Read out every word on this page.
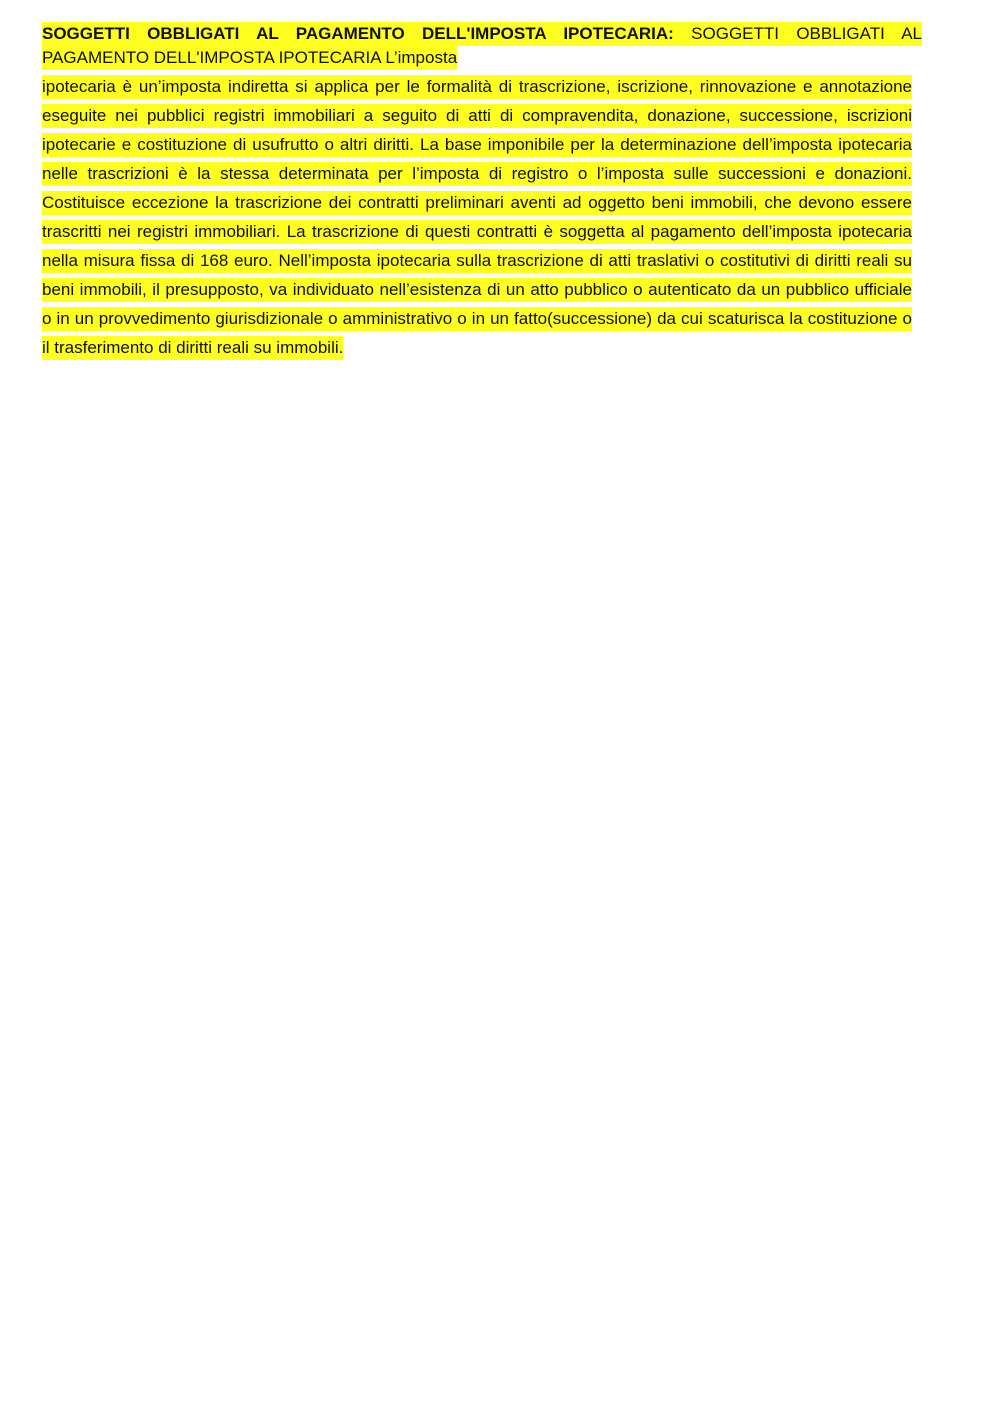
SOGGETTI OBBLIGATI AL PAGAMENTO DELL'IMPOSTA IPOTECARIA: SOGGETTI OBBLIGATI AL PAGAMENTO DELL'IMPOSTA IPOTECARIA L’imposta

ipotecaria è un’imposta indiretta si applica per le formalità di trascrizione, iscrizione, rinnovazione e annotazione eseguite nei pubblici registri immobiliari a seguito di atti di compravendita, donazione, successione, iscrizioni ipotecarie e costituzione di usufrutto o altri diritti. La base imponibile per la determinazione dell’imposta ipotecaria nelle trascrizioni è la stessa determinata per l’imposta di registro o l’imposta sulle successioni e donazioni. Costituisce eccezione la trascrizione dei contratti preliminari aventi ad oggetto beni immobili, che devono essere trascritti nei registri immobiliari. La trascrizione di questi contratti è soggetta al pagamento dell’imposta ipotecaria nella misura fissa di 168 euro. Nell’imposta ipotecaria sulla trascrizione di atti traslativi o costitutivi di diritti reali su beni immobili, il presupposto, va individuato nell’esistenza di un atto pubblico o autenticato da un pubblico ufficiale o in un provvedimento giurisdizionale o amministrativo o in un fatto(successione) da cui scaturisca la costituzione o il trasferimento di diritti reali su immobili.
